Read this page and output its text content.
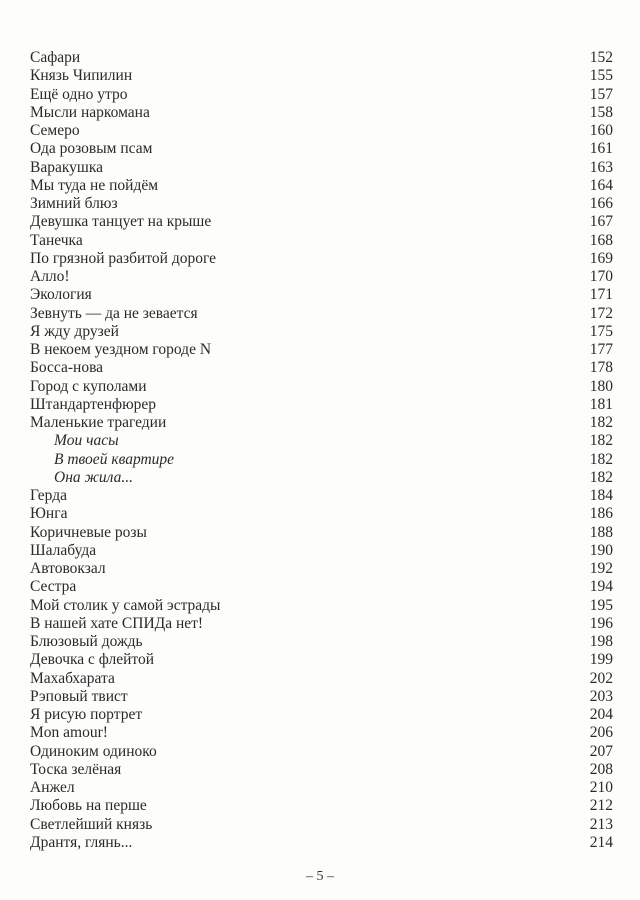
Сафари	152
Князь Чипилин	155
Ещё одно утро	157
Мысли наркомана	158
Семеро	160
Ода розовым псам	161
Варакушка	163
Мы туда не пойдём	164
Зимний блюз	166
Девушка танцует на крыше	167
Танечка	168
По грязной разбитой дороге	169
Алло!	170
Экология	171
Зевнуть — да не зевается	172
Я жду друзей	175
В некоем уездном городе N	177
Босса-нова	178
Город с куполами	180
Штандартенфюрер	181
Маленькие трагедии	182
Мои часы	182
В твоей квартире	182
Она жила...	182
Герда	184
Юнга	186
Коричневые розы	188
Шалабуда	190
Автовокзал	192
Сестра	194
Мой столик у самой эстрады	195
В нашей хате СПИДа нет!	196
Блюзовый дождь	198
Девочка с флейтой	199
Махабхарата	202
Рэповый твист	203
Я рисую портрет	204
Mon amour!	206
Одиноким одиноко	207
Тоска зелёная	208
Анжел	210
Любовь на перше	212
Светлейший князь	213
Дрантя, глянь...	214
– 5 –
